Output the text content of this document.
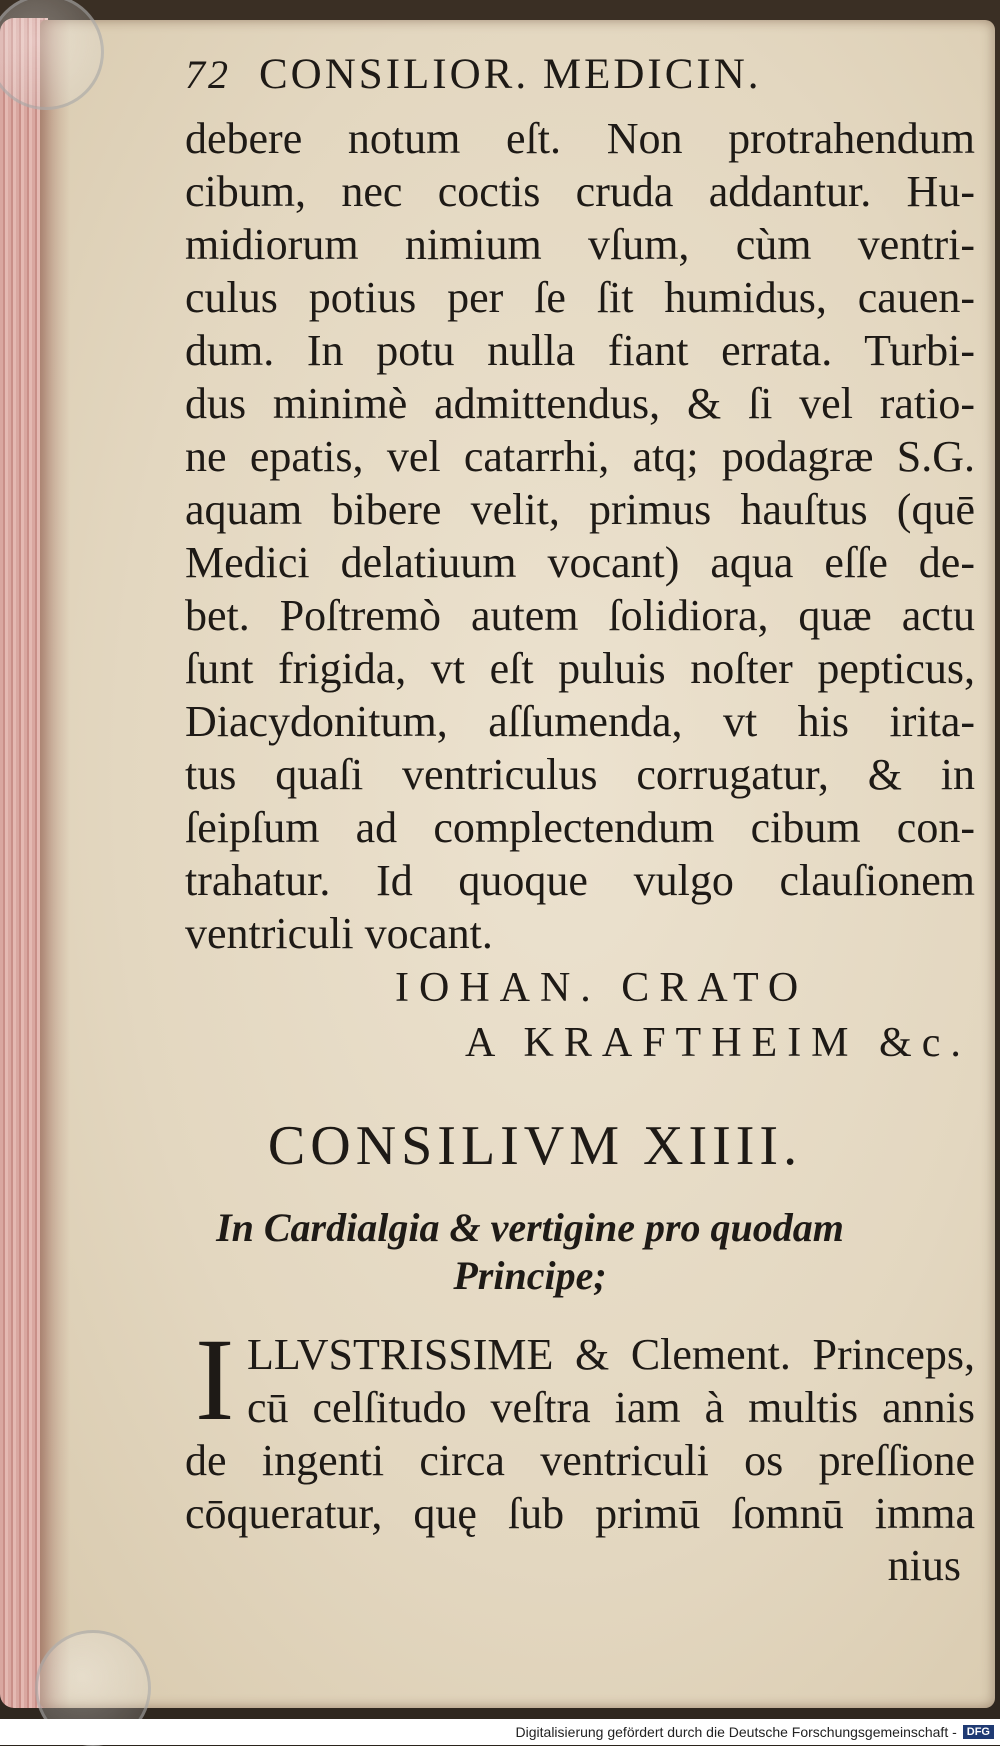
72 CONSILIOR. MEDICIN.
debere notum eſt. Non protrahendum
cibum, nec coctis cruda addantur. Hu-
midiorum nimium vſum, cùm ventri-
culus potius per ſe ſit humidus, cauen-
dum. In potu nulla fiant errata. Turbi-
dus minimè admittendus, & ſi vel ratio-
ne epatis, vel catarrhi, atq; podagræ S.G.
aquam bibere velit, primus hauſtus (quē
Medici delatiuum vocant) aqua eſſe de-
bet. Poſtremò autem ſolidiora, quæ actu
ſunt frigida, vt eſt puluis noſter pepticus,
Diacydonitum, aſſumenda, vt his irita-
tus quaſi ventriculus corrugatur, & in
ſeipſum ad complectendum cibum con-
trahatur. Id quoque vulgo clauſionem
ventriculi vocant.
IOHAN. CRATO
A KRAFTHEIM &c.
CONSILIVM XIIII.
In Cardialgia & vertigine pro quodam
Principe;
I LLVSTRISSIME & Clement. Princeps,
cū celſitudo veſtra iam à multis annis
de ingenti circa ventriculi os preſſione
cōqueratur, quę ſub primū ſomnū imma
nius
Digitalisierung gefördert durch die Deutsche Forschungsgemeinschaft - DFG
